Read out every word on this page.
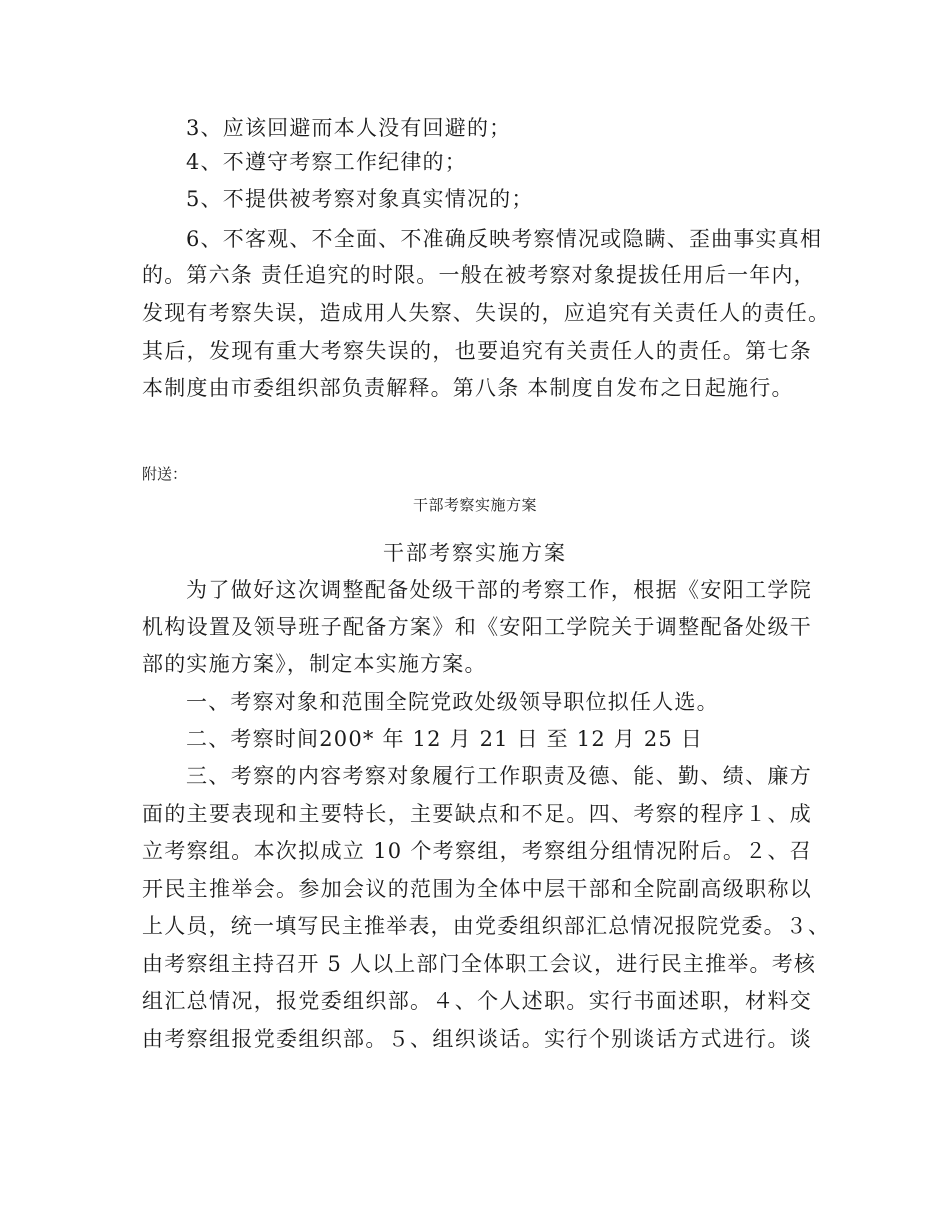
3、应该回避而本人没有回避的；
4、不遵守考察工作纪律的；
5、不提供被考察对象真实情况的；
6、不客观、不全面、不准确反映考察情况或隐瞒、歪曲事实真相
的。第六条 责任追究的时限。一般在被考察对象提拔任用后一年内，
发现有考察失误，造成用人失察、失误的，应追究有关责任人的责任。
其后，发现有重大考察失误的，也要追究有关责任人的责任。第七条
本制度由市委组织部负责解释。第八条 本制度自发布之日起施行。
附送：
干部考察实施方案
干部考察实施方案
为了做好这次调整配备处级干部的考察工作，根据《安阳工学院
机构设置及领导班子配备方案》和《安阳工学院关于调整配备处级干
部的实施方案》，制定本实施方案。
一、考察对象和范围全院党政处级领导职位拟任人选。
二、考察时间200* 年 12 月 21 日 至 12 月 25 日
三、考察的内容考察对象履行工作职责及德、能、勤、绩、廉方
面的主要表现和主要特长，主要缺点和不足。四、考察的程序１、成
立考察组。本次拟成立 10 个考察组，考察组分组情况附后。２、召
开民主推举会。参加会议的范围为全体中层干部和全院副高级职称以
上人员，统一填写民主推举表，由党委组织部汇总情况报院党委。３、
由考察组主持召开 5 人以上部门全体职工会议，进行民主推举。考核
组汇总情况，报党委组织部。４、个人述职。实行书面述职，材料交
由考察组报党委组织部。５、组织谈话。实行个别谈话方式进行。谈
